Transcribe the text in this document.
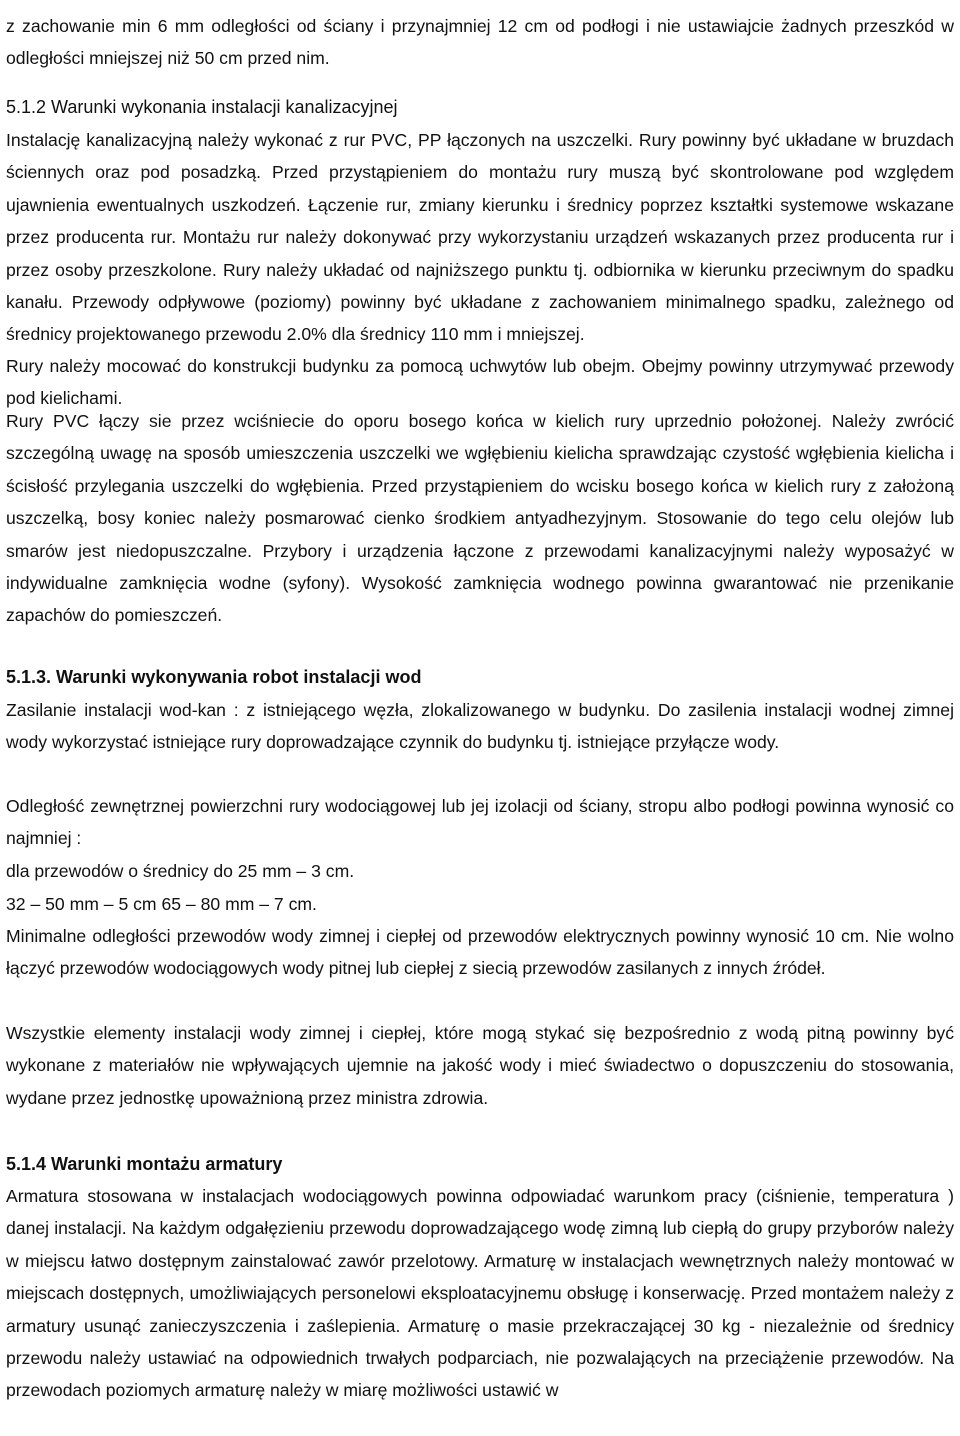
z zachowanie min 6 mm odległości od ściany i przynajmniej 12 cm od podłogi i nie ustawiajcie żadnych przeszkód w odległości mniejszej niż 50 cm przed nim.

5.1.2 Warunki wykonania instalacji kanalizacyjnej

Instalację kanalizacyjną należy wykonać z rur PVC, PP łączonych na uszczelki. Rury powinny być układane w bruzdach ściennych oraz pod posadzką. Przed przystąpieniem do montażu rury muszą być skontrolowane pod względem ujawnienia ewentualnych uszkodzeń. Łączenie rur, zmiany kierunku i średnicy poprzez kształtki systemowe wskazane przez producenta rur. Montażu rur należy dokonywać przy wykorzystaniu urządzeń wskazanych przez producenta rur i przez osoby przeszkolone. Rury należy układać od najniższego punktu tj. odbiornika w kierunku przeciwnym do spadku kanału. Przewody odpływowe (poziomy) powinny być układane z zachowaniem minimalnego spadku, zależnego od średnicy projektowanego przewodu 2.0% dla średnicy 110 mm i mniejszej.

Rury należy mocować do konstrukcji budynku za pomocą uchwytów lub obejm. Obejmy powinny utrzymywać przewody pod kielichami.

Rury PVC łączy sie przez wciśniecie do oporu bosego końca w kielich rury uprzednio położonej. Należy zwrócić szczególną uwagę na sposób umieszczenia uszczelki we wgłębieniu kielicha sprawdzając czystość wgłębienia kielicha i ścisłość przylegania uszczelki do wgłębienia. Przed przystąpieniem do wcisku bosego końca w kielich rury z założoną uszczelką, bosy koniec należy posmarować cienko środkiem antyadhezyjnym. Stosowanie do tego celu olejów lub smarów jest niedopuszczalne. Przybory i urządzenia łączone z przewodami kanalizacyjnymi należy wyposażyć w indywidualne zamknięcia wodne (syfony). Wysokość zamknięcia wodnego powinna gwarantować nie przenikanie zapachów do pomieszczeń.

5.1.3. Warunki wykonywania robot instalacji wod

Zasilanie instalacji wod-kan : z istniejącego węzła, zlokalizowanego w budynku. Do zasilenia instalacji wodnej zimnej wody wykorzystać istniejące rury doprowadzające czynnik do budynku tj. istniejące przyłącze wody.

Odległość zewnętrznej powierzchni rury wodociągowej lub jej izolacji od ściany, stropu albo podłogi powinna wynosić co najmniej :

dla przewodów o średnicy do 25 mm – 3 cm.

32 – 50 mm – 5 cm 65 – 80 mm – 7 cm.

Minimalne odległości przewodów wody zimnej i ciepłej od przewodów elektrycznych powinny wynosić 10 cm. Nie wolno łączyć przewodów wodociągowych wody pitnej lub ciepłej z siecią przewodów zasilanych z innych źródeł.

Wszystkie elementy instalacji wody zimnej i ciepłej, które mogą stykać się bezpośrednio z wodą pitną powinny być wykonane z materiałów nie wpływających ujemnie na jakość wody i mieć świadectwo o dopuszczeniu do stosowania, wydane przez jednostkę upoważnioną przez ministra zdrowia.

5.1.4 Warunki montażu armatury

Armatura stosowana w instalacjach wodociągowych powinna odpowiadać warunkom pracy (ciśnienie, temperatura ) danej instalacji. Na każdym odgałęzieniu przewodu doprowadzającego wodę zimną lub ciepłą do grupy przyborów należy w miejscu łatwo dostępnym zainstalować zawór przelotowy. Armaturę w instalacjach wewnętrznych należy montować w miejscach dostępnych, umożliwiających personelowi eksploatacyjnemu obsługę i konserwację. Przed montażem należy z armatury usunąć zanieczyszczenia i zaślepienia. Armaturę o masie przekraczającej 30 kg - niezależnie od średnicy przewodu należy ustawiać na odpowiednich trwałych podparciach, nie pozwalających na przeciążenie przewodów. Na przewodach poziomych armaturę należy w miarę możliwości ustawić w
